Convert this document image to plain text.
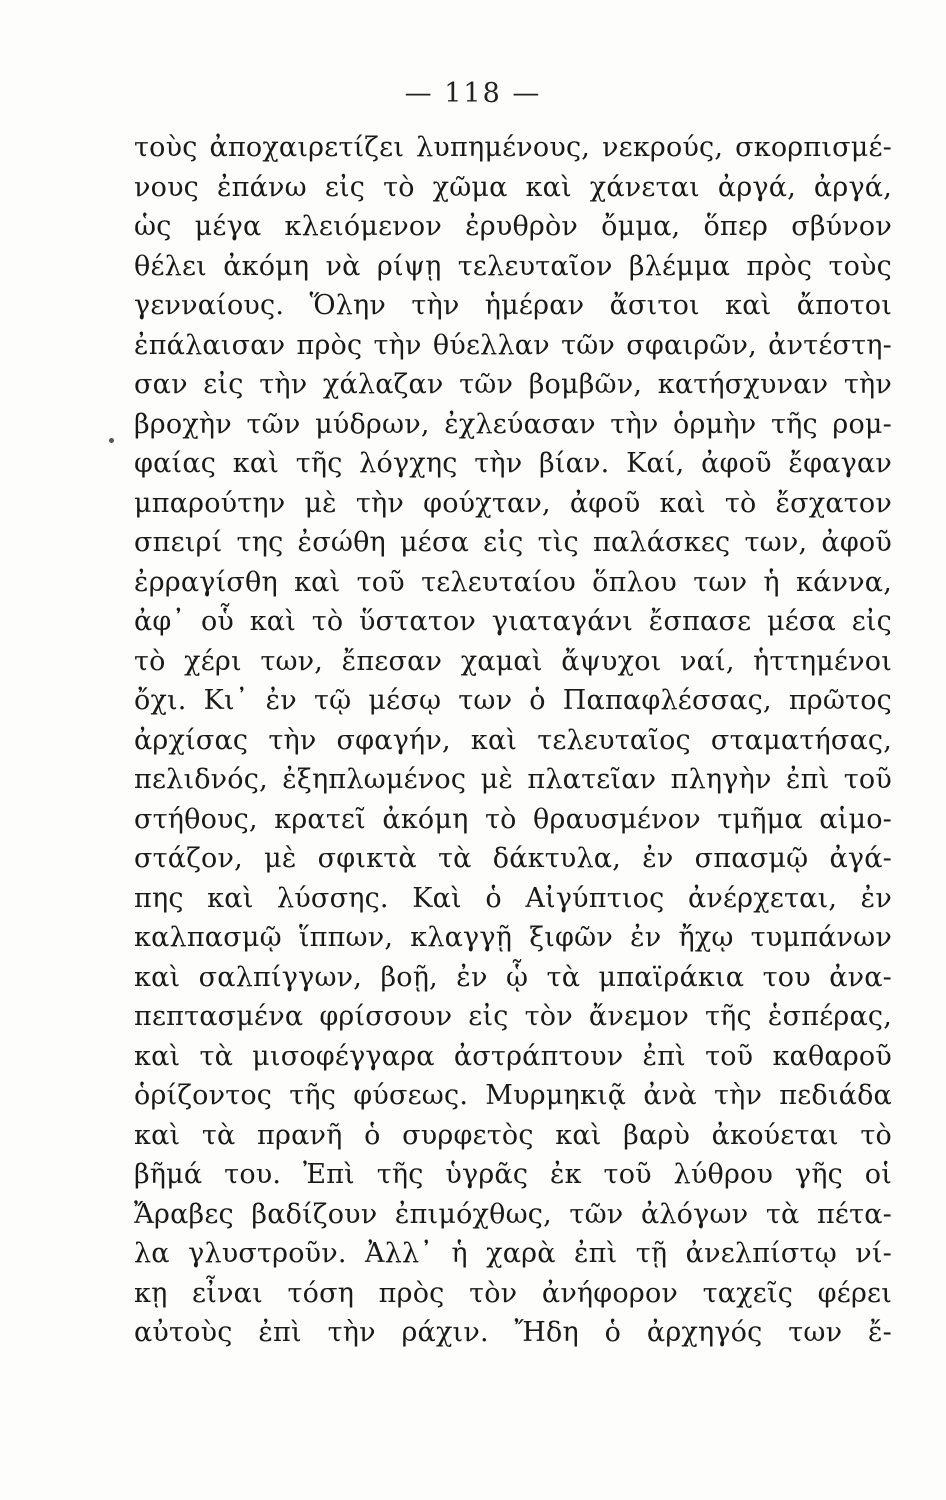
— 118 —
τοὺς ἀποχαιρετίζει λυπημένους, νεκρούς, σκορπισμέ-
νους ἐπάνω εἰς τὸ χῶμα καὶ χάνεται ἀργά, ἀργά,
ὡς μέγα κλειόμενον ἐρυθρὸν ὄμμα, ὅπερ σβύνον
θέλει ἀκόμη νὰ ρίψῃ τελευταῖον βλέμμα πρὸς τοὺς
γενναίους. Ὅλην τὴν ἡμέραν ἄσιτοι καὶ ἄποτοι
ἐπάλαισαν πρὸς τὴν θύελλαν τῶν σφαιρῶν, ἀντέστη-
σαν εἰς τὴν χάλαζαν τῶν βομβῶν, κατήσχυναν τὴν
βροχὴν τῶν μύδρων, ἐχλεύασαν τὴν ὁρμὴν τῆς ρομ-
φαίας καὶ τῆς λόγχης τὴν βίαν. Καί, ἀφοῦ ἔφαγαν
μπαρούτην μὲ τὴν φούχταν, ἀφοῦ καὶ τὸ ἔσχατον
σπειρί της ἐσώθη μέσα εἰς τὶς παλάσκες των, ἀφοῦ
ἐρραγίσθη καὶ τοῦ τελευταίου ὅπλου των ἡ κάννα,
ἀφ᾽ οὗ καὶ τὸ ὕστατον γιαταγάνι ἔσπασε μέσα εἰς
τὸ χέρι των, ἔπεσαν χαμαὶ ἄψυχοι ναί, ἡττημένοι
ὄχι. Κι᾽ ἐν τῷ μέσῳ των ὁ Παπαφλέσσας, πρῶτος
ἀρχίσας τὴν σφαγήν, καὶ τελευταῖος σταματήσας,
πελιδνός, ἐξηπλωμένος μὲ πλατεῖαν πληγὴν ἐπὶ τοῦ
στήθους, κρατεῖ ἀκόμη τὸ θραυσμένον τμῆμα αἱμο-
στάζον, μὲ σφικτὰ τὰ δάκτυλα, ἐν σπασμῷ ἀγά-
πης καὶ λύσσης. Καὶ ὁ Αἰγύπτιος ἀνέρχεται, ἐν
καλπασμῷ ἵππων, κλαγγῇ ξιφῶν ἐν ἤχῳ τυμπάνων
καὶ σαλπίγγων, βοῇ, ἐν ᾧ τὰ μπαϊράκια του ἀνα-
πεπτασμένα φρίσσουν εἰς τὸν ἄνεμον τῆς ἑσπέρας,
καὶ τὰ μισοφέγγαρα ἀστράπτουν ἐπὶ τοῦ καθαροῦ
ὁρίζοντος τῆς φύσεως. Μυρμηκιᾷ ἀνὰ τὴν πεδιάδα
καὶ τὰ πρανῆ ὁ συρφετὸς καὶ βαρὺ ἀκούεται τὸ
βῆμά του. Ἐπὶ τῆς ὑγρᾶς ἐκ τοῦ λύθρου γῆς οἱ
Ἄραβες βαδίζουν ἐπιμόχθως, τῶν ἀλόγων τὰ πέτα-
λα γλυστροῦν. Ἀλλ᾽ ἡ χαρὰ ἐπὶ τῇ ἀνελπίστῳ νί-
κῃ εἶναι τόση πρὸς τὸν ἀνήφορον ταχεῖς φέρει
αὐτοὺς ἐπὶ τὴν ράχιν. Ἤδη ὁ ἀρχηγός των ἔ-
